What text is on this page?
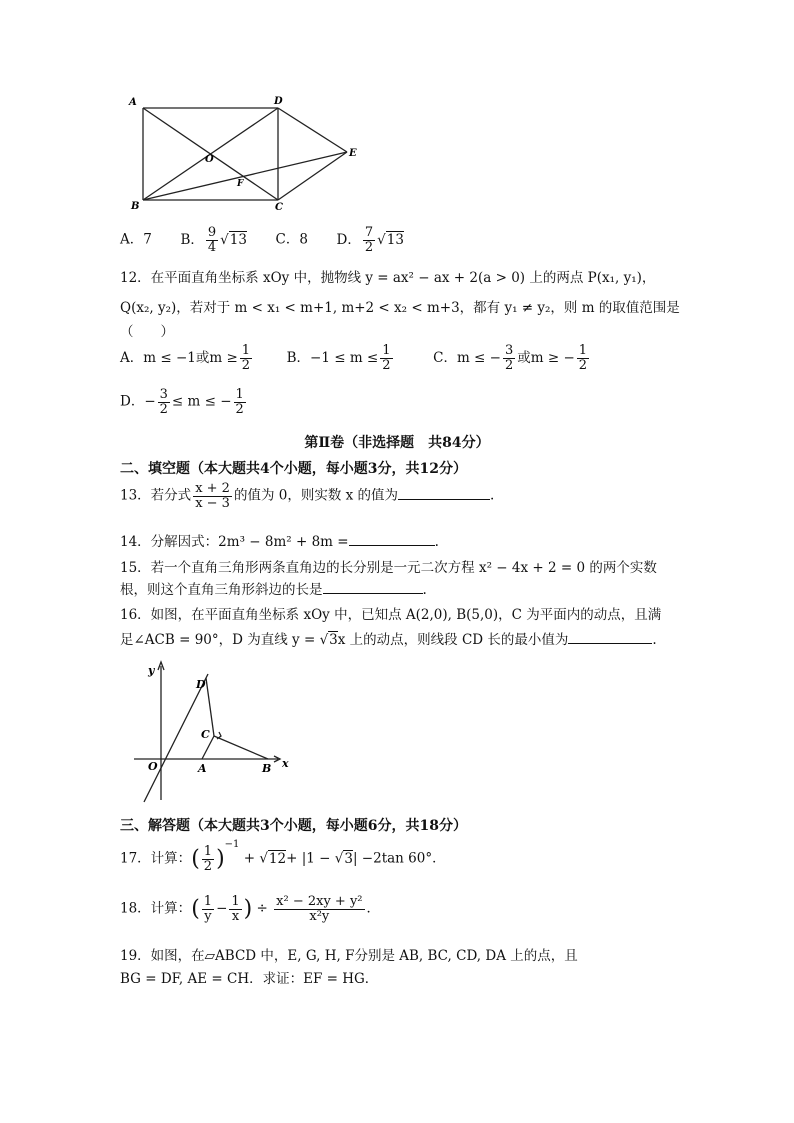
A	D
E
O
F
B	C
A．7 B． $\frac{9}{4} √13$ C．8 D． $\frac{7}{2} √13$
12．在平面直角坐标系 xOy 中，抛物线 y = ax² − ax + 2(a > 0) 上的两点 P(x₁, y₁)，
Q(x₂, y₂)，若对于 m < x₁ < m+1, m+2 < x₂ < m+3，都有 y₁ ≠ y₂，则 m 的取值范围是
（　　）
A．m ≤ −1或$m \ge \frac{1}{2}$	B．$-1 \le m \le \frac{1}{2}$	C．m ≤ − $\frac{3}{2}$ 或m ≥ − $\frac{1}{2}$
D．− $\frac{3}{2} \le m$ ≤ − $\frac{1}{2}$
第Ⅱ卷（非选择题　共84分）
二、填空题（本大题共4个小题，每小题3分，共12分）
13．若分式 $\frac{x + 2}{x - 3}$ 的值为 0，则实数 x 的值为	.
14．分解因式：2m³ − 8m² + 8m =	.
15．若一个直角三角形两条直角边的长分别是一元二次方程 x² − 4x + 2 = 0 的两个实数
根，则这个直角三角形斜边的长是	.
16．如图，在平面直角坐标系 xOy 中，已知点 A(2,0), B(5,0)，C 为平面内的动点，且满
足∠ACB = 90°，D 为直线 y = √3x 上的动点，则线段 CD 长的最小值为	.
y
x
O	A	B
C
D
三、解答题（本大题共3个小题，每小题6分，共18分）
17．计算：( $\frac{1}{2} )^{-1} + √12+ |1 - √3| -2\tan$ 60°．
18．计算：( $\frac{1}{y} - \frac{1}{x}$ ) ÷ $\frac{\text{x² − 2xy + y²}}{\text{x²y}}$ ．
19．如图，在▱ABCD 中，E, G, H, F分别是 AB, BC, CD, DA 上的点，且
BG = DF, AE = CH．求证：EF = HG．
